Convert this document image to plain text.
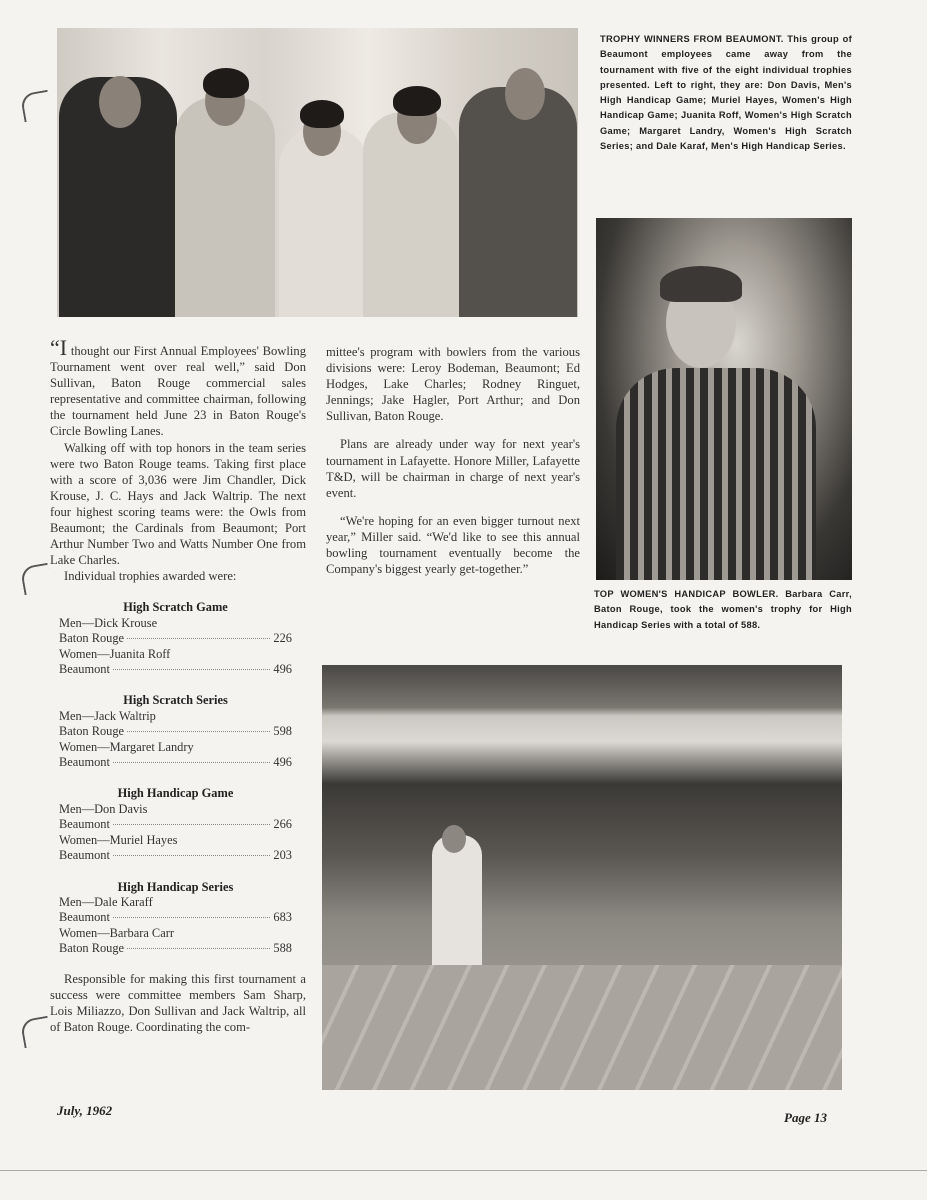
TROPHY WINNERS FROM BEAUMONT. This group of Beaumont employees came away from the tournament with five of the eight individual trophies presented. Left to right, they are: Don Davis, Men's High Handicap Game; Muriel Hayes, Women's High Handicap Game; Juanita Roff, Women's High Scratch Game; Margaret Landry, Women's High Scratch Series; and Dale Karaf, Men's High Handicap Series.
TOP WOMEN'S HANDICAP BOWLER. Barbara Carr, Baton Rouge, took the women's trophy for High Handicap Series with a total of 588.

“I thought our First Annual Employees' Bowling Tournament went over real well,” said Don Sullivan, Baton Rouge commercial sales representative and committee chairman, following the tournament held June 23 in Baton Rouge's Circle Bowling Lanes.

Walking off with top honors in the team series were two Baton Rouge teams. Taking first place with a score of 3,036 were Jim Chandler, Dick Krouse, J. C. Hays and Jack Waltrip. The next four highest scoring teams were: the Owls from Beaumont; the Cardinals from Beaumont; Port Arthur Number Two and Watts Number One from Lake Charles.

Individual trophies awarded were:

High Scratch Game
Men—Dick Krouse
Baton Rouge	226
Women—Juanita Roff
Beaumont	496
High Scratch Series
Men—Jack Waltrip
Baton Rouge	598
Women—Margaret Landry
Beaumont	496
High Handicap Game
Men—Don Davis
Beaumont	266
Women—Muriel Hayes
Beaumont	203
High Handicap Series
Men—Dale Karaff
Beaumont	683
Women—Barbara Carr
Baton Rouge	588

Responsible for making this first tournament a success were committee members Sam Sharp, Lois Miliazzo, Don Sullivan and Jack Waltrip, all of Baton Rouge. Coordinating the com-

mittee's program with bowlers from the various divisions were: Leroy Bodeman, Beaumont; Ed Hodges, Lake Charles; Rodney Ringuet, Jennings; Jake Hagler, Port Arthur; and Don Sullivan, Baton Rouge.

Plans are already under way for next year's tournament in Lafayette. Honore Miller, Lafayette T&D, will be chairman in charge of next year's event.

“We're hoping for an even bigger turnout next year,” Miller said. “We'd like to see this annual bowling tournament eventually become the Company's biggest yearly get-together.”

July, 1962	Page 13
